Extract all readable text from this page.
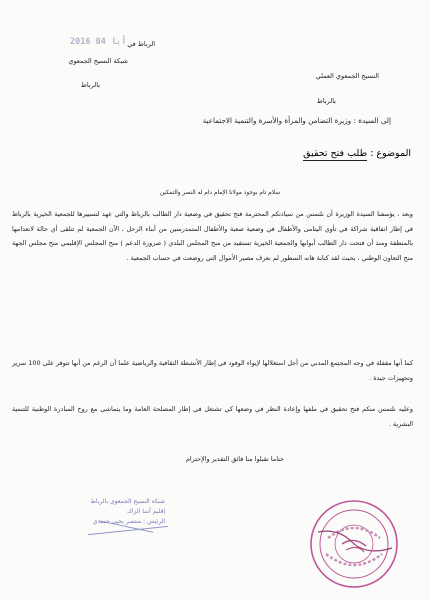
2016 أبا 04 الرباط في
شبكة النسيج الجمعوي
بالرباط
النسيج الجمعوي العملي
بالرباط
إلى السيدة : وزيرة التضامن والمرأة والأسرة والتنمية الاجتماعية
الموضوع : طلب فتح تحقيق
سلام تام بوجود مولانا الإمام دام له النصر والتمكين
وبعد ، يؤسفنا السيدة الوزيرة أن نلتمس من سيادتكم المحترمة فتح تحقيق في وضعية دار الطالب بالرباط والتي عهد لتسييرها للجمعية الخيرية بالرباط في إطار اتفاقية شراكة في تأوي اليتامى والأطفال في وضعية صعبة والأطفال المتمدرسين من أبناء الرحل ، الآن الجمعية لم تتلقى أي حالة لانعدامها بالمنطقة ومنذ أن فتحت دار الطالب أبوابها والجمعية الخيرية تستفيد من منح المجلس البلدي ( صرورة الدعم ) منح المجلس الإقليمي منح مجلس الجهة منح التعاون الوطني ، بحيث لقد كتابة هاته السطور لم نعرف مصير الأموال التي روضعت في حساب الجمعية .
كما أنها مقفلة في وجه المجتمع المدني من أجل استغلالها لإيواء الوفود في إطار الأنشطة الثقافية والرياضية علما أن الرغم من أنها تتوفر على 100 سرير وتجهيزات جيدة .
وعليه نلتمس منكم فتح تحقيق في ملفها وإعادة النظر في وضعها كي تشتغل في إطار المصلحة العامة وما يتماشى مع روح المبادرة الوطنية للتنمية البشرية .
ختاما تقبلوا منا فائق التقدير والإحترام
شبكة النسيج الجمعوي بالرباط
إقليم أسا الزاك
الرئيس : منتصر يحيى حميدي
